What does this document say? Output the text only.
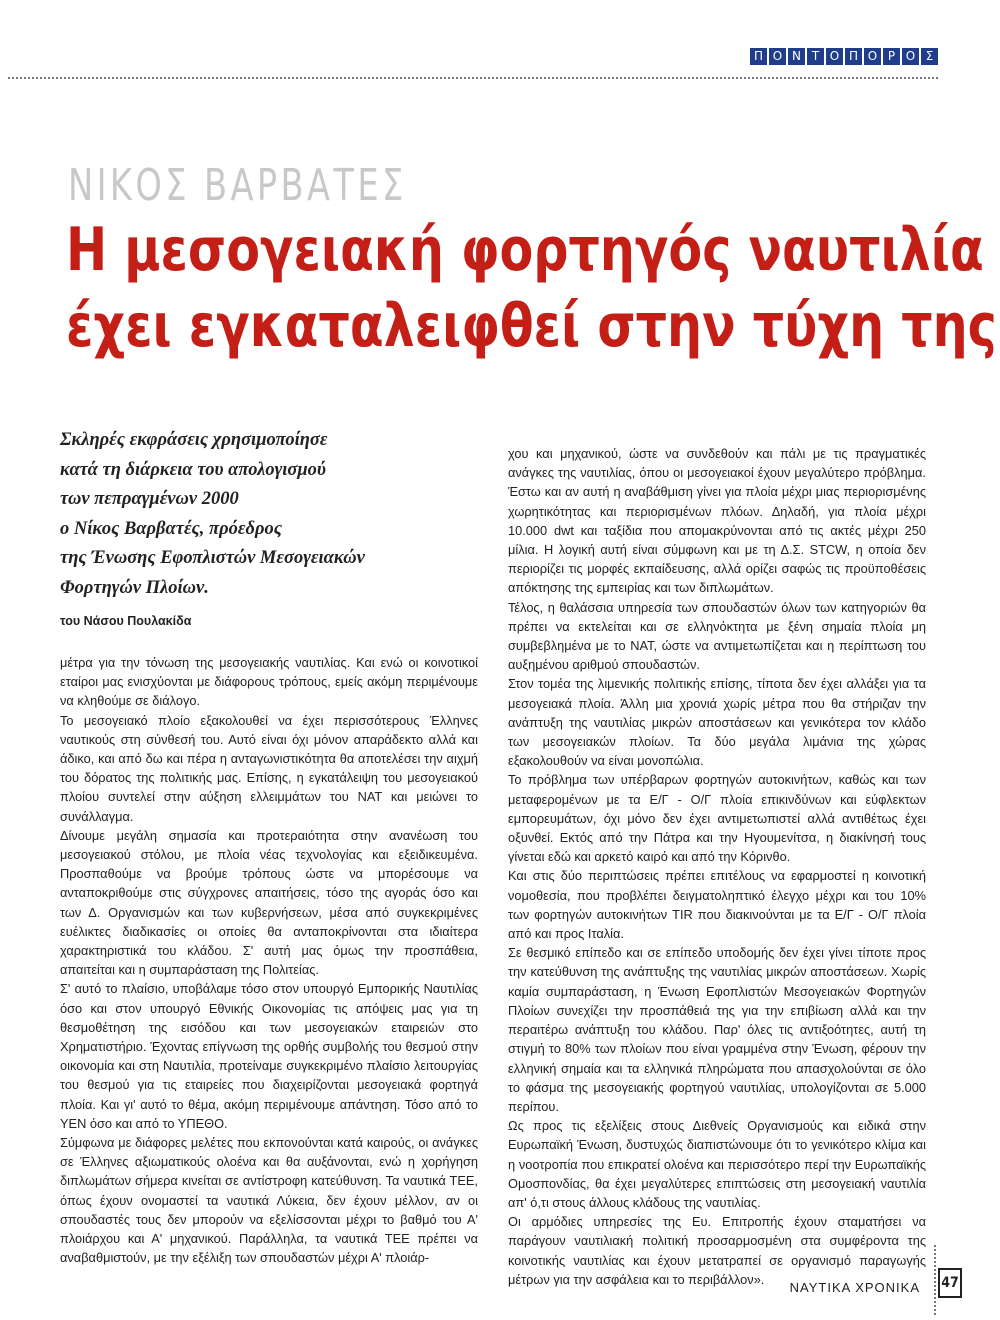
Π Ο Ν Τ Ο Π Ο Ρ Ο Σ
ΝΙΚΟΣ ΒΑΡΒΑΤΕΣ
Η μεσογειακή φορτηγός ναυτιλία
έχει εγκαταλειφθεί στην τύχη της
Σκληρές εκφράσεις χρησιμοποίησε
κατά τη διάρκεια του απολογισμού
των πεπραγμένων 2000
ο Νίκος Βαρβατές, πρόεδρος
της Ένωσης Εφοπλιστών Μεσογειακών
Φορτηγών Πλοίων.
του Νάσου Πουλακίδα

μέτρα για την τόνωση της μεσογειακής ναυτιλίας. Και ενώ οι κοινοτικοί εταίροι μας ενισχύονται με διάφορους τρόπους, εμείς ακόμη περιμένουμε να κληθούμε σε διάλογο.

Το μεσογειακό πλοίο εξακολουθεί να έχει περισσότερους Έλληνες ναυτικούς στη σύνθεσή του. Αυτό είναι όχι μόνον απαράδεκτο αλλά και άδικο, και από δω και πέρα η ανταγωνιστικότητα θα αποτελέσει την αιχμή του δόρατος της πολιτικής μας. Επίσης, η εγκατάλειψη του μεσογειακού πλοίου συντελεί στην αύξηση ελλειμμάτων του ΝΑΤ και μειώνει το συνάλλαγμα.

Δίνουμε μεγάλη σημασία και προτεραιότητα στην ανανέωση του μεσογειακού στόλου, με πλοία νέας τεχνολογίας και εξειδικευμένα. Προσπαθούμε να βρούμε τρόπους ώστε να μπορέσουμε να ανταποκριθούμε στις σύγχρονες απαιτήσεις, τόσο της αγοράς όσο και των Δ. Οργανισμών και των κυβερνήσεων, μέσα από συγκεκριμένες ευέλικτες διαδικασίες οι οποίες θα ανταποκρίνονται στα ιδιαίτερα χαρακτηριστικά του κλάδου. Σ' αυτή μας όμως την προσπάθεια, απαιτείται και η συμπαράσταση της Πολιτείας.

Σ' αυτό το πλαίσιο, υποβάλαμε τόσο στον υπουργό Εμπορικής Ναυτιλίας όσο και στον υπουργό Εθνικής Οικονομίας τις απόψεις μας για τη θεσμοθέτηση της εισόδου και των μεσογειακών εταιρειών στο Χρηματιστήριο. Έχοντας επίγνωση της ορθής συμβολής του θεσμού στην οικονομία και στη Ναυτιλία, προτείναμε συγκεκριμένο πλαίσιο λειτουργίας του θεσμού για τις εταιρείες που διαχειρίζονται μεσογειακά φορτηγά πλοία. Και γι' αυτό το θέμα, ακόμη περιμένουμε απάντηση. Τόσο από το ΥΕΝ όσο και από το ΥΠΕΘΟ.

Σύμφωνα με διάφορες μελέτες που εκπονούνται κατά καιρούς, οι ανάγκες σε Έλληνες αξιωματικούς ολοένα και θα αυξάνονται, ενώ η χορήγηση διπλωμάτων σήμερα κινείται σε αντίστροφη κατεύθυνση. Τα ναυτικά ΤΕΕ, όπως έχουν ονομαστεί τα ναυτικά Λύκεια, δεν έχουν μέλλον, αν οι σπουδαστές τους δεν μπορούν να εξελίσσονται μέχρι το βαθμό του Α' πλοιάρχου και Α' μηχανικού. Παράλληλα, τα ναυτικά ΤΕΕ πρέπει να αναβαθμιστούν, με την εξέλιξη των σπουδαστών μέχρι Α' πλοιάρ-

χου και μηχανικού, ώστε να συνδεθούν και πάλι με τις πραγματικές ανάγκες της ναυτιλίας, όπου οι μεσογειακοί έχουν μεγαλύτερο πρόβλημα. Έστω και αν αυτή η αναβάθμιση γίνει για πλοία μέχρι μιας περιορισμένης χωρητικότητας και περιορισμένων πλόων. Δηλαδή, για πλοία μέχρι 10.000 dwt και ταξίδια που απομακρύνονται από τις ακτές μέχρι 250 μίλια. Η λογική αυτή είναι σύμφωνη και με τη Δ.Σ. STCW, η οποία δεν περιορίζει τις μορφές εκπαίδευσης, αλλά ορίζει σαφώς τις προϋποθέσεις απόκτησης της εμπειρίας και των διπλωμάτων.

Τέλος, η θαλάσσια υπηρεσία των σπουδαστών όλων των κατηγοριών θα πρέπει να εκτελείται και σε ελληνόκτητα με ξένη σημαία πλοία μη συμβεβλημένα με το ΝΑΤ, ώστε να αντιμετωπίζεται και η περίπτωση του αυξημένου αριθμού σπουδαστών.

Στον τομέα της λιμενικής πολιτικής επίσης, τίποτα δεν έχει αλλάξει για τα μεσογειακά πλοία. Άλλη μια χρονιά χωρίς μέτρα που θα στήριζαν την ανάπτυξη της ναυτιλίας μικρών αποστάσεων και γενικότερα τον κλάδο των μεσογειακών πλοίων. Τα δύο μεγάλα λιμάνια της χώρας εξακολουθούν να είναι μονοπώλια.

Το πρόβλημα των υπέρβαρων φορτηγών αυτοκινήτων, καθώς και των μεταφερομένων με τα Ε/Γ - Ο/Γ πλοία επικινδύνων και εύφλεκτων εμπορευμάτων, όχι μόνο δεν έχει αντιμετωπιστεί αλλά αντιθέτως έχει οξυνθεί. Εκτός από την Πάτρα και την Ηγουμενίτσα, η διακίνησή τους γίνεται εδώ και αρκετό καιρό και από την Κόρινθο.

Και στις δύο περιπτώσεις πρέπει επιτέλους να εφαρμοστεί η κοινοτική νομοθεσία, που προβλέπει δειγματοληπτικό έλεγχο μέχρι και του 10% των φορτηγών αυτοκινήτων TIR που διακινούνται με τα Ε/Γ - Ο/Γ πλοία από και προς Ιταλία.

Σε θεσμικό επίπεδο και σε επίπεδο υποδομής δεν έχει γίνει τίποτε προς την κατεύθυνση της ανάπτυξης της ναυτιλίας μικρών αποστάσεων. Χωρίς καμία συμπαράσταση, η Ένωση Εφοπλιστών Μεσογειακών Φορτηγών Πλοίων συνεχίζει την προσπάθειά της για την επιβίωση αλλά και την περαιτέρω ανάπτυξη του κλάδου. Παρ' όλες τις αντιξοότητες, αυτή τη στιγμή το 80% των πλοίων που είναι γραμμένα στην Ένωση, φέρουν την ελληνική σημαία και τα ελληνικά πληρώματα που απασχολούνται σε όλο το φάσμα της μεσογειακής φορτηγού ναυτιλίας, υπολογίζονται σε 5.000 περίπου.

Ως προς τις εξελίξεις στους Διεθνείς Οργανισμούς και ειδικά στην Ευρωπαϊκή Ένωση, δυστυχώς διαπιστώνουμε ότι το γενικότερο κλίμα και η νοοτροπία που επικρατεί ολοένα και περισσότερο περί την Ευρωπαϊκής Ομοσπονδίας, θα έχει μεγαλύτερες επιπτώσεις στη μεσογειακή ναυτιλία απ' ό,τι στους άλλους κλάδους της ναυτιλίας.

Οι αρμόδιες υπηρεσίες της Ευ. Επιτροπής έχουν σταματήσει να παράγουν ναυτιλιακή πολιτική προσαρμοσμένη στα συμφέροντα της κοινοτικής ναυτιλίας και έχουν μετατραπεί σε οργανισμό παραγωγής μέτρων για την ασφάλεια και το περιβάλλον».

ΝΑΥΤΙΚΑ ΧΡΟΝΙΚΑ 47
